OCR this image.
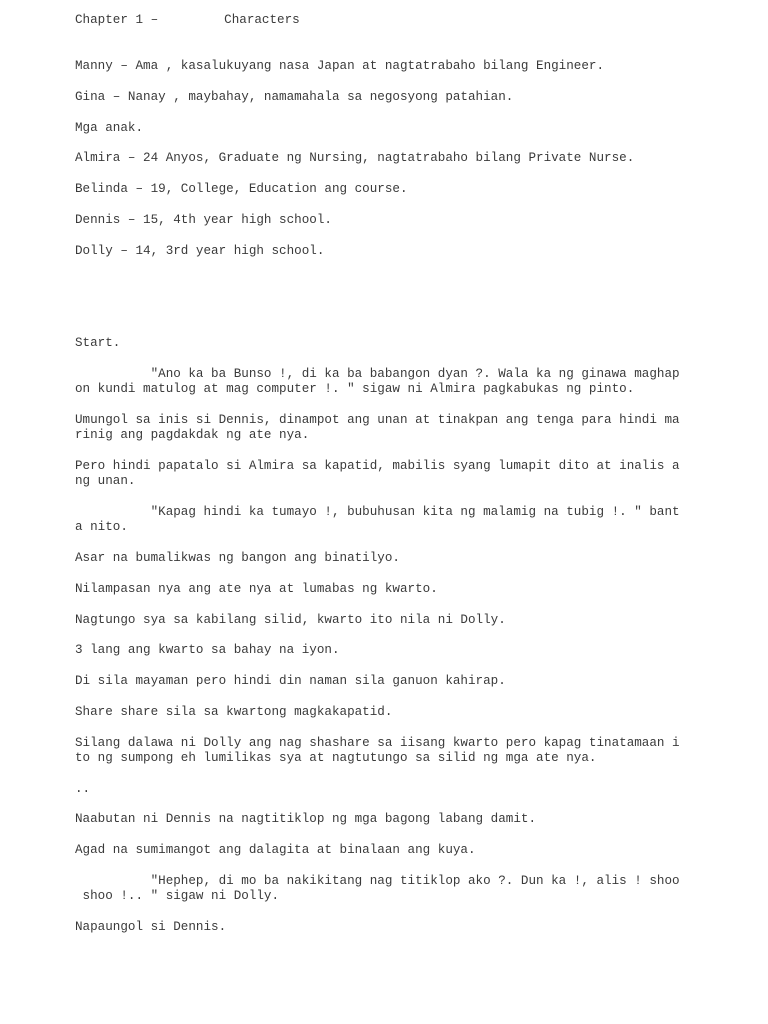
Chapter 1 –	Characters

Manny – Ama , kasalukuyang nasa Japan at nagtatrabaho bilang Engineer.

Gina – Nanay , maybahay, namamahala sa negosyong patahian.

Mga anak.

Almira – 24 Anyos, Graduate ng Nursing, nagtatrabaho bilang Private Nurse.

Belinda – 19, College, Education ang course.

Dennis – 15, 4th year high school.

Dolly – 14, 3rd year high school.

Start.

"Ano ka ba Bunso !, di ka ba babangon dyan ?. Wala ka ng ginawa maghap

on kundi matulog at mag computer !. " sigaw ni Almira pagkabukas ng pinto.

Umungol sa inis si Dennis, dinampot ang unan at tinakpan ang tenga para hindi ma

rinig ang pagdakdak ng ate nya.

Pero hindi papatalo si Almira sa kapatid, mabilis syang lumapit dito at inalis a

ng unan.

"Kapag hindi ka tumayo !, bubuhusan kita ng malamig na tubig !. " bant

a nito.

Asar na bumalikwas ng bangon ang binatilyo.

Nilampasan nya ang ate nya at lumabas ng kwarto.

Nagtungo sya sa kabilang silid, kwarto ito nila ni Dolly.

3 lang ang kwarto sa bahay na iyon.

Di sila mayaman pero hindi din naman sila ganuon kahirap.

Share share sila sa kwartong magkakapatid.

Silang dalawa ni Dolly ang nag shashare sa iisang kwarto pero kapag tinatamaan i

to ng sumpong eh lumilikas sya at nagtutungo sa silid ng mga ate nya.

..

Naabutan ni Dennis na nagtitiklop ng mga bagong labang damit.

Agad na sumimangot ang dalagita at binalaan ang kuya.

"Hephep, di mo ba nakikitang nag titiklop ako ?. Dun ka !, alis ! shoo

shoo !.. " sigaw ni Dolly.

Napaungol si Dennis.
